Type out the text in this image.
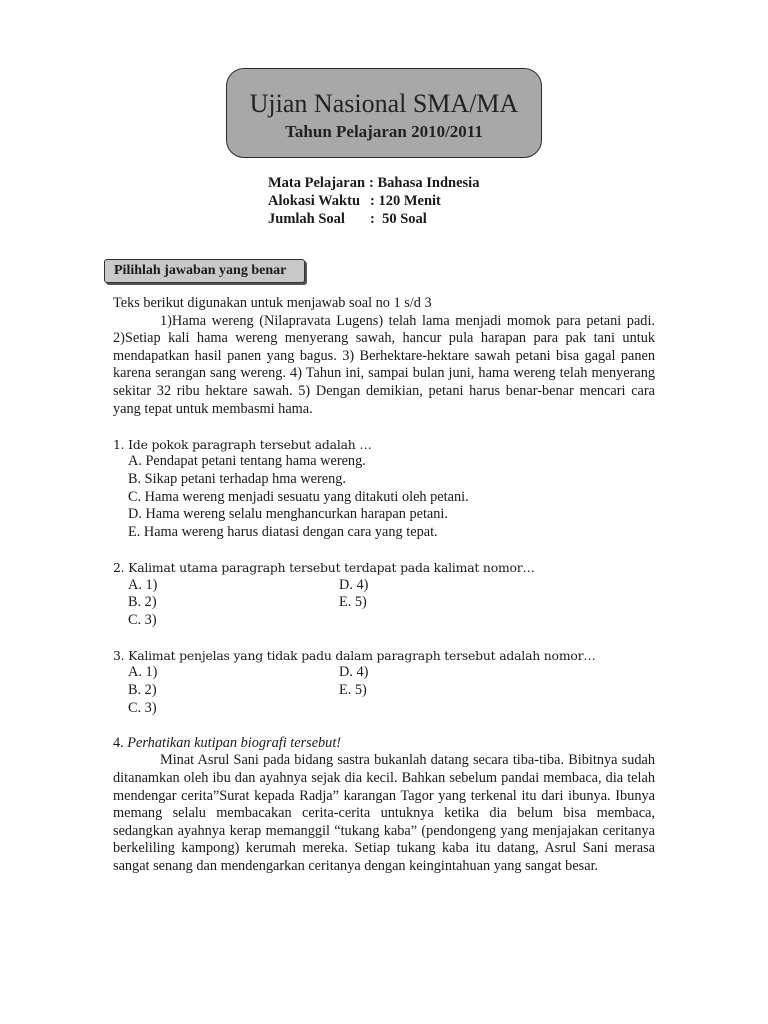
Ujian Nasional SMA/MA
Tahun Pelajaran 2010/2011
Mata Pelajaran : Bahasa Indnesia
Alokasi Waktu : 120 Menit
Jumlah Soal	:  50 Soal
Pilihlah jawaban yang benar

Teks berikut digunakan untuk menjawab soal no 1 s/d 3

1)Hama wereng (Nilapravata Lugens) telah lama menjadi momok para petani padi. 2)Setiap kali hama wereng menyerang sawah, hancur pula harapan para pak tani untuk mendapatkan hasil panen yang bagus. 3) Berhektare-hektare sawah petani bisa gagal panen karena serangan sang wereng. 4) Tahun ini, sampai bulan juni, hama wereng telah menyerang sekitar 32 ribu hektare sawah. 5) Dengan demikian, petani harus benar-benar mencari cara yang tepat untuk membasmi hama.

1. Ide pokok paragraph tersebut adalah …

A. Pendapat petani tentang hama wereng.

B. Sikap petani terhadap hma wereng.

C. Hama wereng menjadi sesuatu yang ditakuti oleh petani.

D. Hama wereng selalu menghancurkan harapan petani.

E. Hama wereng harus diatasi dengan cara yang tepat.

2. Kalimat utama paragraph tersebut terdapat pada kalimat nomor…

A. 1)	D. 4)
B. 2)	E. 5)
C. 3)

3. Kalimat penjelas yang tidak padu dalam paragraph tersebut adalah nomor…

A. 1)	D. 4)
B. 2)	E. 5)
C. 3)

4. Perhatikan kutipan biografi tersebut!

Minat Asrul Sani pada bidang sastra bukanlah datang secara tiba-tiba. Bibitnya sudah ditanamkan oleh ibu dan ayahnya sejak dia kecil. Bahkan sebelum pandai membaca, dia telah mendengar cerita”Surat kepada Radja” karangan Tagor yang terkenal itu dari ibunya. Ibunya memang selalu membacakan cerita-cerita untuknya ketika dia belum bisa membaca, sedangkan ayahnya kerap memanggil “tukang kaba” (pendongeng yang menjajakan ceritanya berkeliling kampong) kerumah mereka. Setiap tukang kaba itu datang, Asrul Sani merasa sangat senang dan mendengarkan ceritanya dengan keingintahuan yang sangat besar.
